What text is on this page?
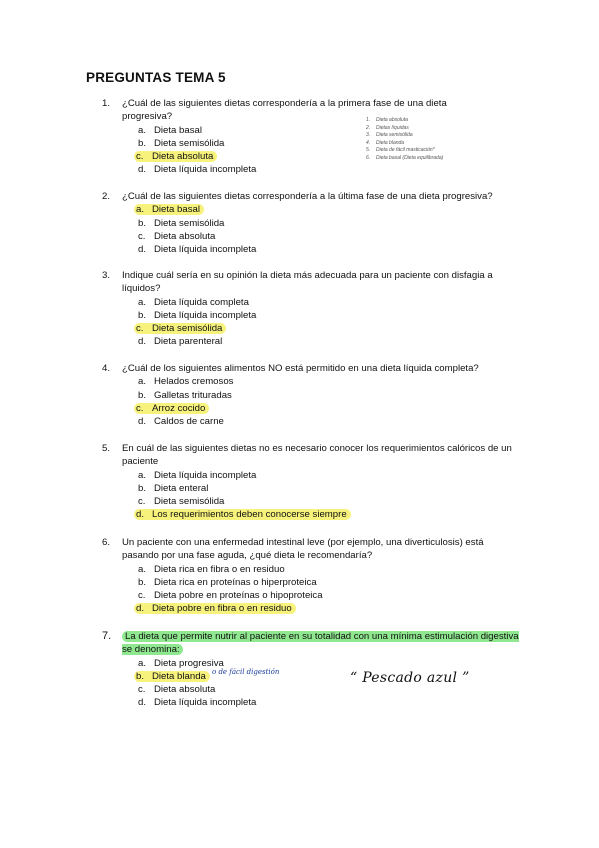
PREGUNTAS TEMA 5
1. Dieta absoluta
2. Dietas líquidas
3. Dieta semisólida
4. Dieta blanda
5. Dieta de fácil masticación*
6. Dieta basal (Dieta equilibrada)
1. ¿Cuál de las siguientes dietas correspondería a la primera fase de una dieta progresiva?
a. Dieta basal
b. Dieta semisólida
c. Dieta absoluta
d. Dieta líquida incompleta
2. ¿Cuál de las siguientes dietas correspondería a la última fase de una dieta progresiva?
a. Dieta basal
b. Dieta semisólida
c. Dieta absoluta
d. Dieta líquida incompleta
3. Indique cuál sería en su opinión la dieta más adecuada para un paciente con disfagia a líquidos?
a. Dieta líquida completa
b. Dieta líquida incompleta
c. Dieta semisólida
d. Dieta parenteral
4. ¿Cuál de los siguientes alimentos NO está permitido en una dieta líquida completa?
a. Helados cremosos
b. Galletas trituradas
c. Arroz cocido
d. Caldos de carne
5. En cuál de las siguientes dietas no es necesario conocer los requerimientos calóricos de un paciente
a. Dieta líquida incompleta
b. Dieta enteral
c. Dieta semisólida
d. Los requerimientos deben conocerse siempre
6. Un paciente con una enfermedad intestinal leve (por ejemplo, una diverticulosis) está pasando por una fase aguda, ¿qué dieta le recomendaría?
a. Dieta rica en fibra o en residuo
b. Dieta rica en proteínas o hiperproteica
c. Dieta pobre en proteínas o hipoproteica
d. Dieta pobre en fibra o en residuo
7.	La dieta que permite nutrir al paciente en su totalidad con una mínima estimulación digestiva se denomina:
a. Dieta progresiva
b. Dieta blanda
c. Dieta absoluta
d. Dieta líquida incompleta
o de fácil digestión	“ Pescado azul ”
